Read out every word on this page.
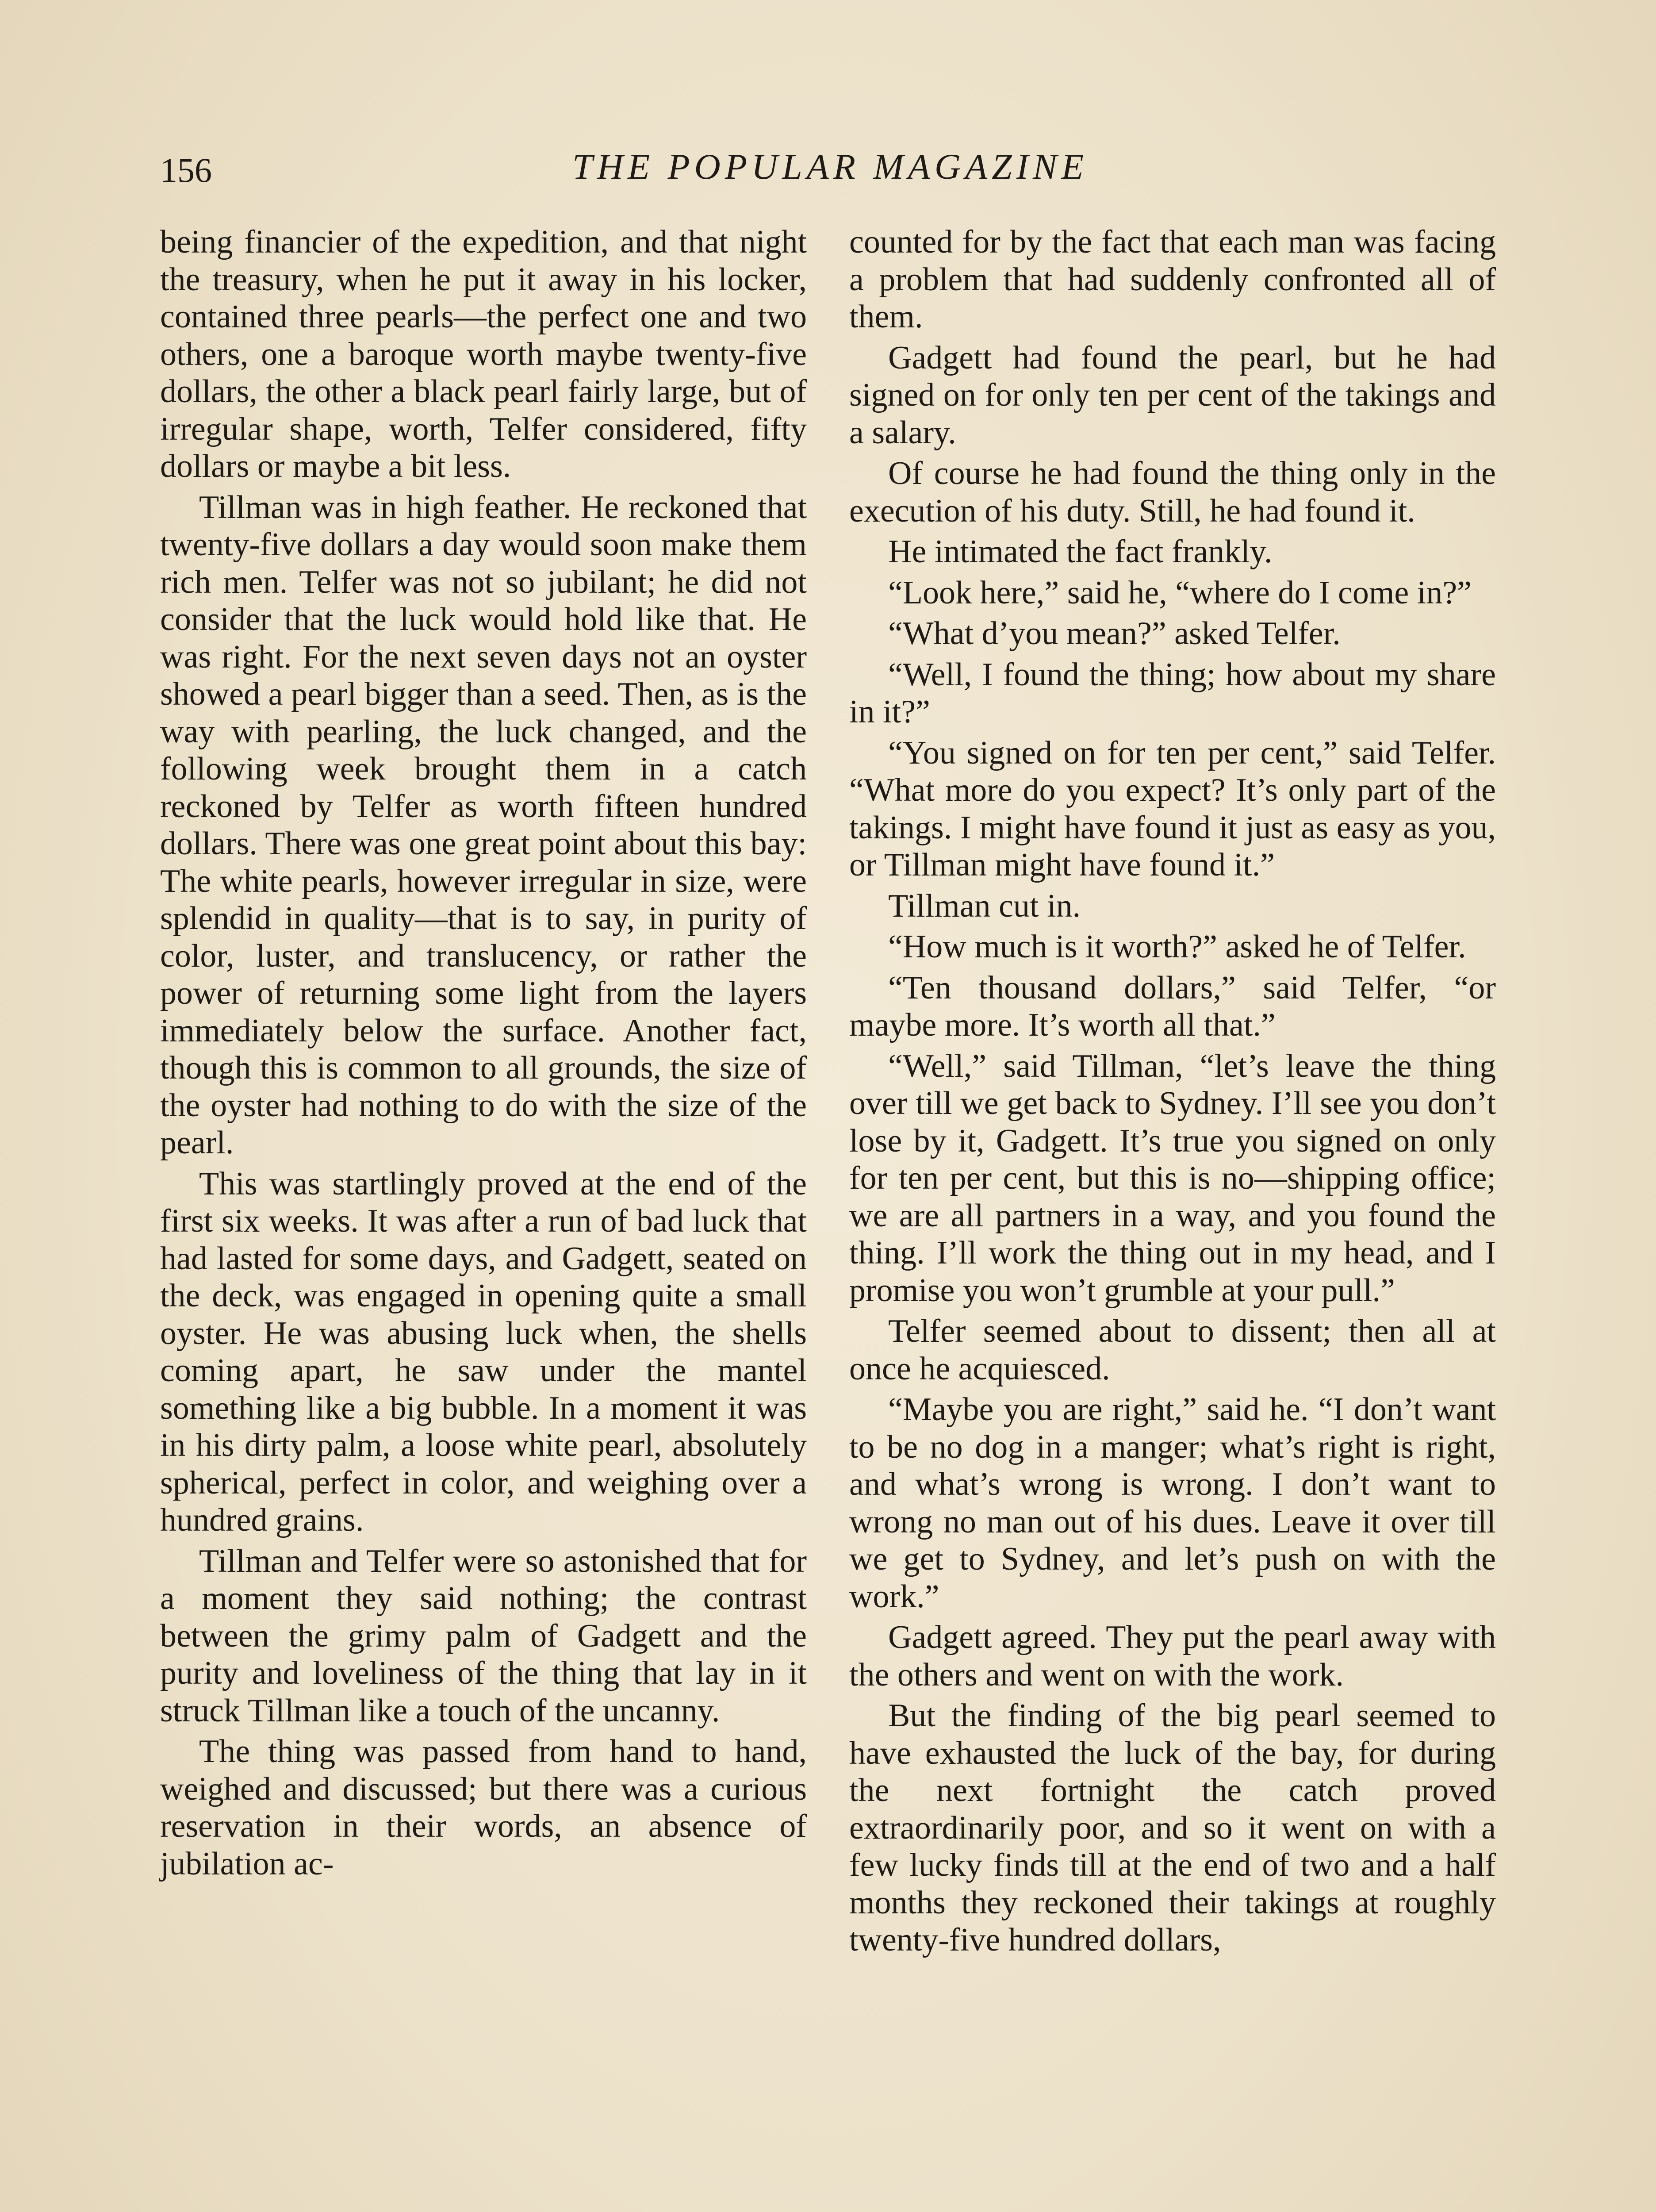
156	THE POPULAR MAGAZINE

being financier of the expedition, and that night the treasury, when he put it away in his locker, contained three pearls—the perfect one and two others, one a baroque worth maybe twenty-five dollars, the other a black pearl fairly large, but of irregular shape, worth, Telfer considered, fifty dollars or maybe a bit less.

Tillman was in high feather. He reckoned that twenty-five dollars a day would soon make them rich men. Telfer was not so jubilant; he did not consider that the luck would hold like that. He was right. For the next seven days not an oyster showed a pearl bigger than a seed. Then, as is the way with pearling, the luck changed, and the following week brought them in a catch reckoned by Telfer as worth fifteen hundred dollars. There was one great point about this bay: The white pearls, however irregular in size, were splendid in quality—that is to say, in purity of color, luster, and translucency, or rather the power of returning some light from the layers immediately below the surface. Another fact, though this is common to all grounds, the size of the oyster had nothing to do with the size of the pearl.

This was startlingly proved at the end of the first six weeks. It was after a run of bad luck that had lasted for some days, and Gadgett, seated on the deck, was engaged in opening quite a small oyster. He was abusing luck when, the shells coming apart, he saw under the mantel something like a big bubble. In a moment it was in his dirty palm, a loose white pearl, absolutely spherical, perfect in color, and weighing over a hundred grains.

Tillman and Telfer were so astonished that for a moment they said nothing; the contrast between the grimy palm of Gadgett and the purity and loveliness of the thing that lay in it struck Tillman like a touch of the uncanny.

The thing was passed from hand to hand, weighed and discussed; but there was a curious reservation in their words, an absence of jubilation ac-

counted for by the fact that each man was facing a problem that had suddenly confronted all of them.

Gadgett had found the pearl, but he had signed on for only ten per cent of the takings and a salary.

Of course he had found the thing only in the execution of his duty. Still, he had found it.

He intimated the fact frankly.

“Look here,” said he, “where do I come in?”

“What d’you mean?” asked Telfer.

“Well, I found the thing; how about my share in it?”

“You signed on for ten per cent,” said Telfer. “What more do you expect? It’s only part of the takings. I might have found it just as easy as you, or Tillman might have found it.”

Tillman cut in.

“How much is it worth?” asked he of Telfer.

“Ten thousand dollars,” said Telfer, “or maybe more. It’s worth all that.”

“Well,” said Tillman, “let’s leave the thing over till we get back to Sydney. I’ll see you don’t lose by it, Gadgett. It’s true you signed on only for ten per cent, but this is no—shipping office; we are all partners in a way, and you found the thing. I’ll work the thing out in my head, and I promise you won’t grumble at your pull.”

Telfer seemed about to dissent; then all at once he acquiesced.

“Maybe you are right,” said he. “I don’t want to be no dog in a manger; what’s right is right, and what’s wrong is wrong. I don’t want to wrong no man out of his dues. Leave it over till we get to Sydney, and let’s push on with the work.”

Gadgett agreed. They put the pearl away with the others and went on with the work.

But the finding of the big pearl seemed to have exhausted the luck of the bay, for during the next fortnight the catch proved extraordinarily poor, and so it went on with a few lucky finds till at the end of two and a half months they reckoned their takings at roughly twenty-five hundred dollars,
